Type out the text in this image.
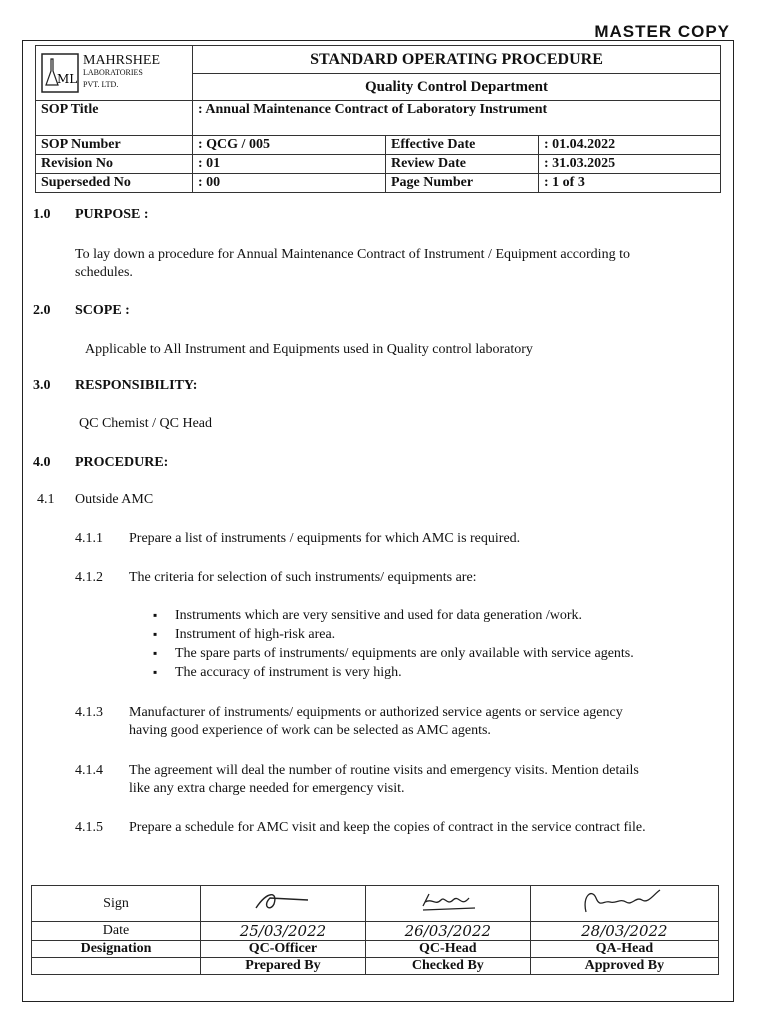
MASTER COPY
ML
MAHRSHEE
LABORATORIES
PVT. LTD.	STANDARD OPERATING PROCEDURE		
	Quality Control Department		
SOP Title	: Annual Maintenance Contract of Laboratory Instrument		
SOP Number	: QCG / 005	Effective Date	: 01.04.2022
Revision No	: 01	Review Date	: 31.03.2025
Superseded No	: 00	Page Number	: 1 of 3
1.0 PURPOSE :
To lay down a procedure for Annual Maintenance Contract of Instrument / Equipment according to
schedules.
2.0 SCOPE :
Applicable to All Instrument and Equipments used in Quality control laboratory
3.0 RESPONSIBILITY:
QC Chemist / QC Head
4.0 PROCEDURE:
4.1 Outside AMC
4.1.1 Prepare a list of instruments / equipments for which AMC is required.
4.1.2 The criteria for selection of such instruments/ equipments are:
▪ Instruments which are very sensitive and used for data generation /work.
▪ Instrument of high-risk area.
▪ The spare parts of instruments/ equipments are only available with service agents.
▪ The accuracy of instrument is very high.
4.1.3 Manufacturer of instruments/ equipments or authorized service agents or service agency
having good experience of work can be selected as AMC agents.
4.1.4 The agreement will deal the number of routine visits and emergency visits. Mention details
like any extra charge needed for emergency visit.
4.1.5 Prepare a schedule for AMC visit and keep the copies of contract in the service contract file.
Sign			
Date	25/03/2022	26/03/2022	28/03/2022
Designation	QC-Officer	QC-Head	QA-Head
	Prepared By	Checked By	Approved By
